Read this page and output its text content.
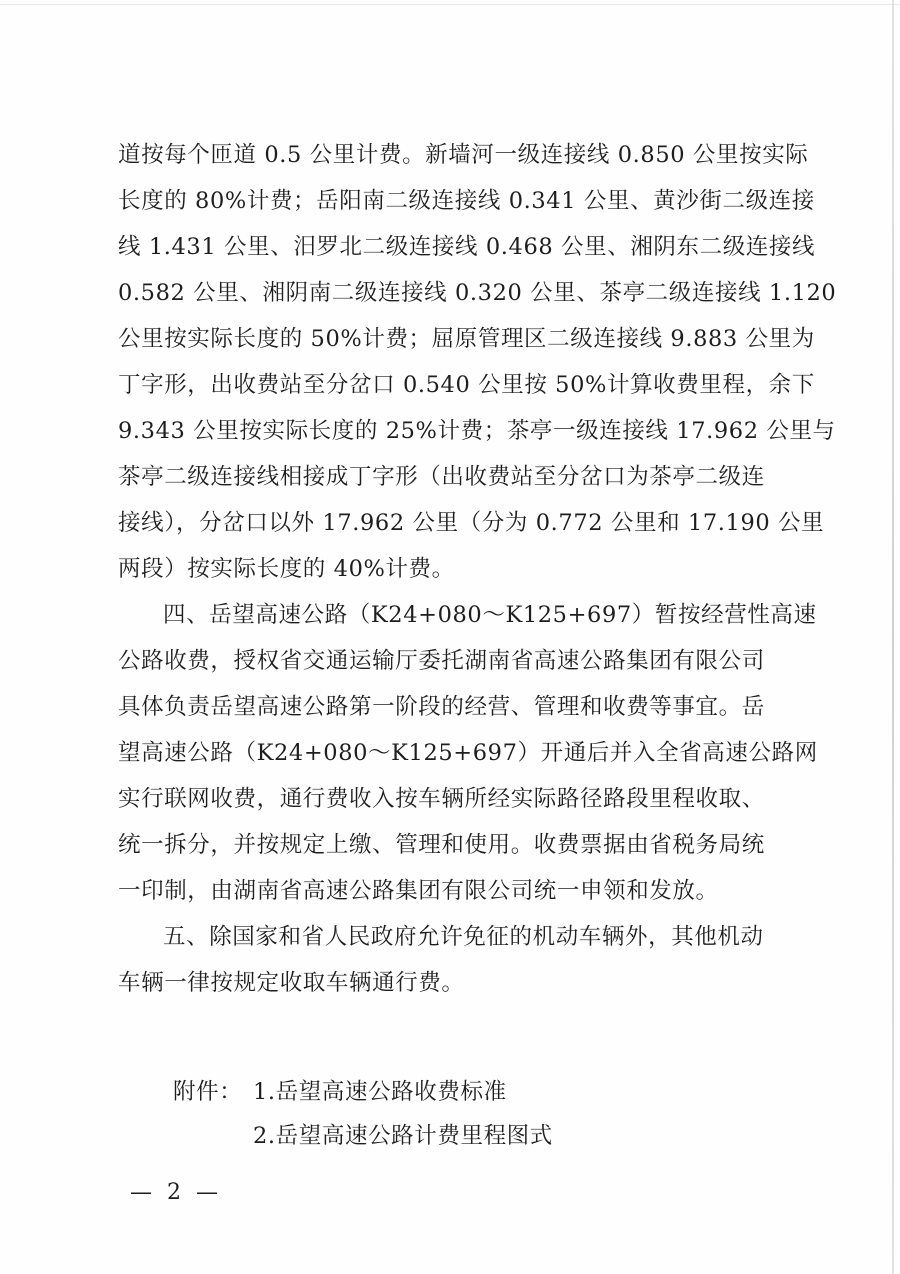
道按每个匝道 0.5 公里计费。新墙河一级连接线 0.850 公里按实际
长度的 80%计费；岳阳南二级连接线 0.341 公里、黄沙街二级连接
线 1.431 公里、汨罗北二级连接线 0.468 公里、湘阴东二级连接线
0.582 公里、湘阴南二级连接线 0.320 公里、茶亭二级连接线 1.120
公里按实际长度的 50%计费；屈原管理区二级连接线 9.883 公里为
丁字形，出收费站至分岔口 0.540 公里按 50%计算收费里程，余下
9.343 公里按实际长度的 25%计费；茶亭一级连接线 17.962 公里与
茶亭二级连接线相接成丁字形（出收费站至分岔口为茶亭二级连
接线），分岔口以外 17.962 公里（分为 0.772 公里和 17.190 公里
两段）按实际长度的 40%计费。

四、岳望高速公路（K24+080～K125+697）暂按经营性高速
公路收费，授权省交通运输厅委托湖南省高速公路集团有限公司
具体负责岳望高速公路第一阶段的经营、管理和收费等事宜。岳
望高速公路（K24+080～K125+697）开通后并入全省高速公路网
实行联网收费，通行费收入按车辆所经实际路径路段里程收取、
统一拆分，并按规定上缴、管理和使用。收费票据由省税务局统
一印制，由湖南省高速公路集团有限公司统一申领和发放。

五、除国家和省人民政府允许免征的机动车辆外，其他机动
车辆一律按规定收取车辆通行费。

附件： 1.岳望高速公路收费标准
2.岳望高速公路计费里程图式
— 2 —
